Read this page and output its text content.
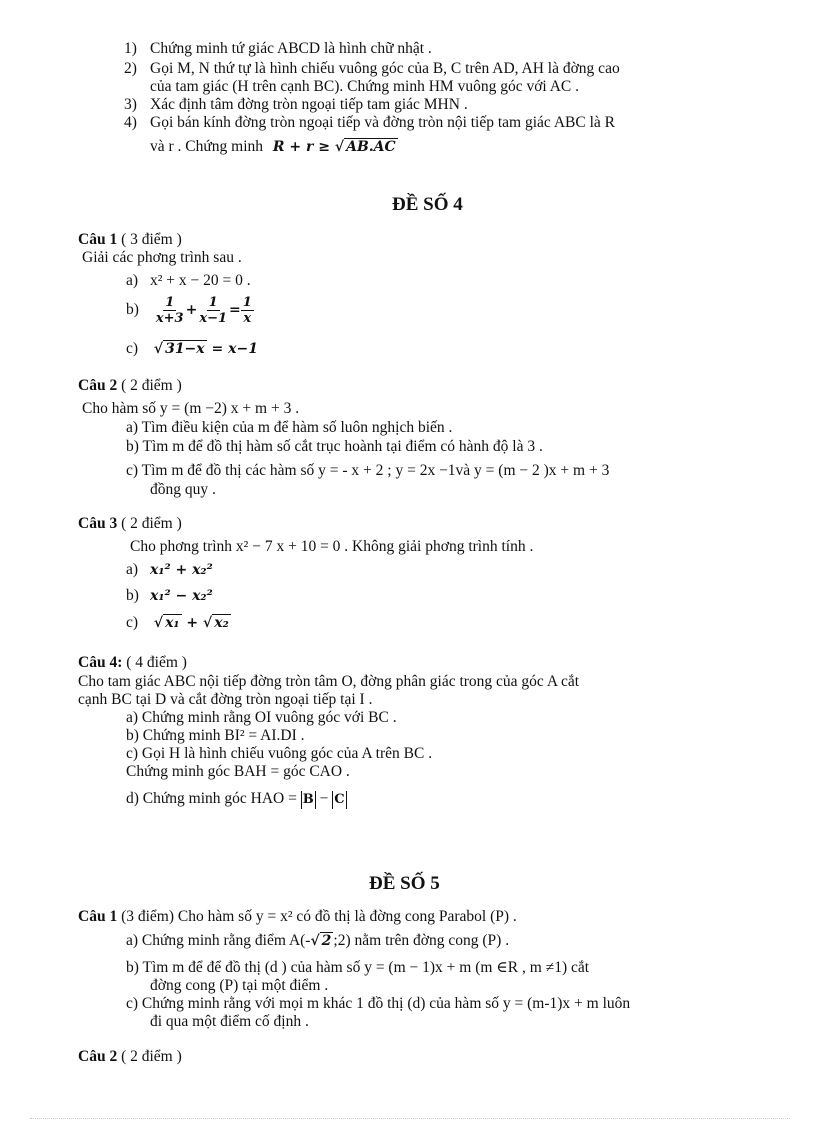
1) Chứng minh tứ giác ABCD là hình chữ nhật .
2) Gọi M, N thứ tự là hình chiếu vuông góc của B, C trên AD, AH là đờng cao
của tam giác (H trên cạnh BC). Chứng minh HM vuông góc với AC .
3) Xác định tâm đờng tròn ngoại tiếp tam giác MHN .
4) Gọi bán kính đờng tròn ngoại tiếp và đờng tròn nội tiếp tam giác ABC là R
và r . Chứng minh R + r ≥ √ AB.AC
ĐỀ SỐ 4
Câu 1 ( 3 điểm )
Giải các phơng trình sau .
a) x² + x − 20 = 0 .
$b) \frac{1}{x+3} + \frac{1}{x-1} = \frac{1}{x}$
c) √ 31−x = x−1
Câu 2 ( 2 điểm )
Cho hàm số y = (m −2) x + m + 3 .
a) Tìm điều kiện của m để hàm số luôn nghịch biến .
b) Tìm m để đồ thị hàm số cắt trục hoành tại điểm có hành độ là 3 .
c) Tìm m để đồ thị các hàm số y = - x + 2 ; y = 2x −1và y = (m − 2 )x + m + 3
đồng quy .
Câu 3 ( 2 điểm )
Cho phơng trình x² − 7 x + 10 = 0 . Không giải phơng trình tính .
a) x₁² + x₂²
b) x₁² − x₂²
c) √ x₁ + √ x₂
Câu 4: ( 4 điểm )
Cho tam giác ABC nội tiếp đờng tròn tâm O, đờng phân giác trong của góc A cắt
cạnh BC tại D và cắt đờng tròn ngoại tiếp tại I .
a) Chứng minh rằng OI vuông góc với BC .
b) Chứng minh BI² = AI.DI .
c) Gọi H là hình chiếu vuông góc của A trên BC .
Chứng minh góc BAH = góc CAO .
d) Chứng minh góc HAO = B − C
ĐỀ SỐ 5
Câu 1 (3 điểm) Cho hàm số y = x² có đồ thị là đờng cong Parabol (P) .
a) Chứng minh rằng điểm A(-√ 2 ;2) nằm trên đờng cong (P) .
b) Tìm m để để đồ thị (d ) của hàm số y = (m − 1)x + m (m ∈R , m ≠1) cắt
đờng cong (P) tại một điểm .
c) Chứng minh rằng với mọi m khác 1 đồ thị (d) của hàm số y = (m-1)x + m luôn
đi qua một điểm cố định .
Câu 2 ( 2 điểm )
